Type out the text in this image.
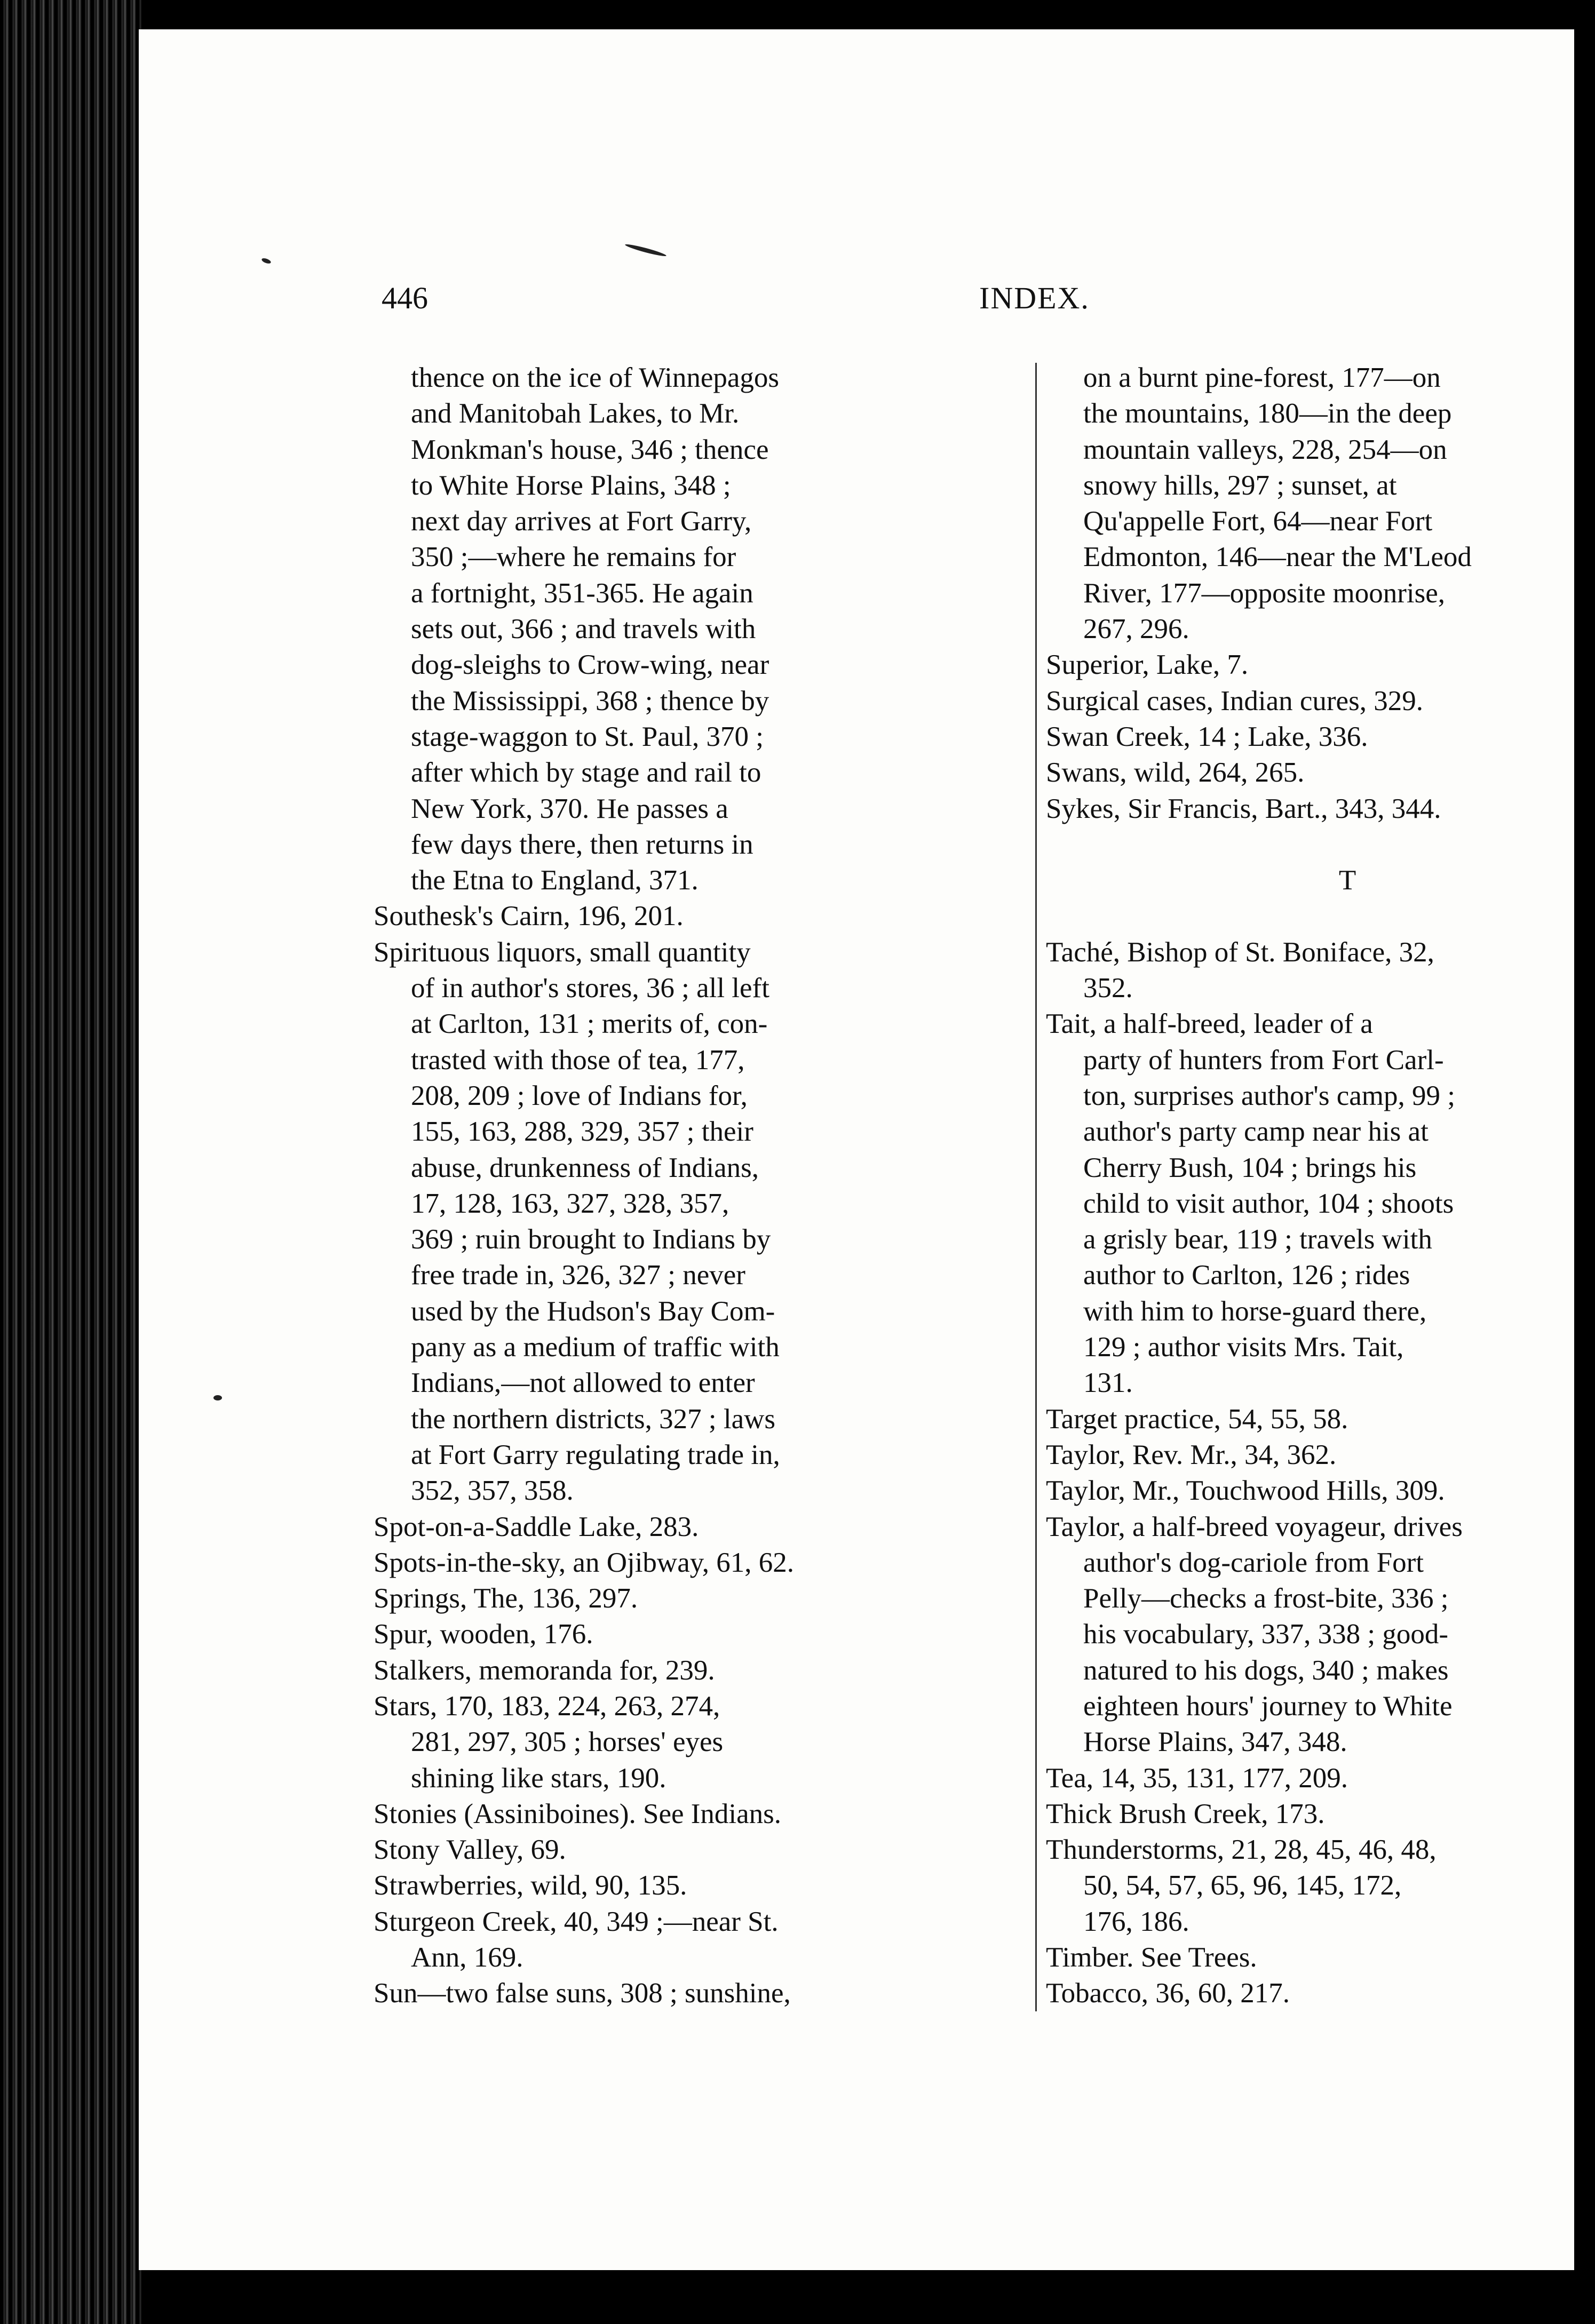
446	INDEX.
thence on the ice of Winnepagos
and Manitobah Lakes, to Mr.
Monkman's house, 346 ; thence
to White Horse Plains, 348 ;
next day arrives at Fort Garry,
350 ;—where he remains for
a fortnight, 351-365. He again
sets out, 366 ; and travels with
dog-sleighs to Crow-wing, near
the Mississippi, 368 ; thence by
stage-waggon to St. Paul, 370 ;
after which by stage and rail to
New York, 370. He passes a
few days there, then returns in
the Etna to England, 371.
Southesk's Cairn, 196, 201.
Spirituous liquors, small quantity
of in author's stores, 36 ; all left
at Carlton, 131 ; merits of, con-
trasted with those of tea, 177,
208, 209 ; love of Indians for,
155, 163, 288, 329, 357 ; their
abuse, drunkenness of Indians,
17, 128, 163, 327, 328, 357,
369 ; ruin brought to Indians by
free trade in, 326, 327 ; never
used by the Hudson's Bay Com-
pany as a medium of traffic with
Indians,—not allowed to enter
the northern districts, 327 ; laws
at Fort Garry regulating trade in,
352, 357, 358.
Spot-on-a-Saddle Lake, 283.
Spots-in-the-sky, an Ojibway, 61, 62.
Springs, The, 136, 297.
Spur, wooden, 176.
Stalkers, memoranda for, 239.
Stars, 170, 183, 224, 263, 274,
281, 297, 305 ; horses' eyes
shining like stars, 190.
Stonies (Assiniboines). See Indians.
Stony Valley, 69.
Strawberries, wild, 90, 135.
Sturgeon Creek, 40, 349 ;—near St.
Ann, 169.
Sun—two false suns, 308 ; sunshine,
on a burnt pine-forest, 177—on
the mountains, 180—in the deep
mountain valleys, 228, 254—on
snowy hills, 297 ; sunset, at
Qu'appelle Fort, 64—near Fort
Edmonton, 146—near the M'Leod
River, 177—opposite moonrise,
267, 296.
Superior, Lake, 7.
Surgical cases, Indian cures, 329.
Swan Creek, 14 ; Lake, 336.
Swans, wild, 264, 265.
Sykes, Sir Francis, Bart., 343, 344.
T
Taché, Bishop of St. Boniface, 32,
352.
Tait, a half-breed, leader of a
party of hunters from Fort Carl-
ton, surprises author's camp, 99 ;
author's party camp near his at
Cherry Bush, 104 ; brings his
child to visit author, 104 ; shoots
a grisly bear, 119 ; travels with
author to Carlton, 126 ; rides
with him to horse-guard there,
129 ; author visits Mrs. Tait,
131.
Target practice, 54, 55, 58.
Taylor, Rev. Mr., 34, 362.
Taylor, Mr., Touchwood Hills, 309.
Taylor, a half-breed voyageur, drives
author's dog-cariole from Fort
Pelly—checks a frost-bite, 336 ;
his vocabulary, 337, 338 ; good-
natured to his dogs, 340 ; makes
eighteen hours' journey to White
Horse Plains, 347, 348.
Tea, 14, 35, 131, 177, 209.
Thick Brush Creek, 173.
Thunderstorms, 21, 28, 45, 46, 48,
50, 54, 57, 65, 96, 145, 172,
176, 186.
Timber. See Trees.
Tobacco, 36, 60, 217.
